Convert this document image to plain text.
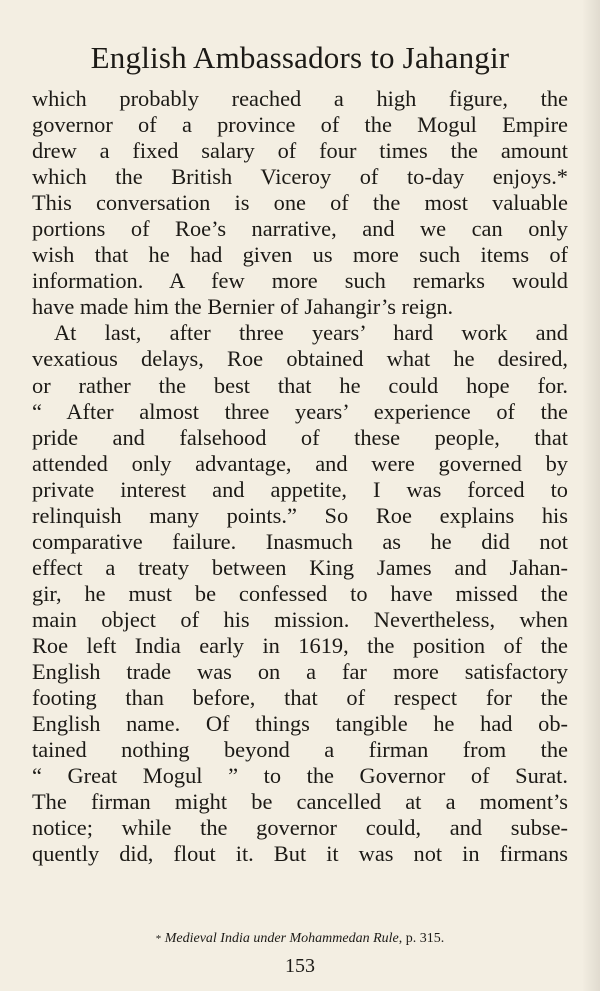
English Ambassadors to Jahangir
which probably reached a high figure, the
governor of a province of the Mogul Empire
drew a fixed salary of four times the amount
which the British Viceroy of to-day enjoys.*
This conversation is one of the most valuable
portions of Roe’s narrative, and we can only
wish that he had given us more such items of
information. A few more such remarks would
have made him the Bernier of Jahangir’s reign.
At last, after three years’ hard work and
vexatious delays, Roe obtained what he desired,
or rather the best that he could hope for.
“ After almost three years’ experience of the
pride and falsehood of these people, that
attended only advantage, and were governed by
private interest and appetite, I was forced to
relinquish many points.” So Roe explains his
comparative failure. Inasmuch as he did not
effect a treaty between King James and Jahan-
gir, he must be confessed to have missed the
main object of his mission. Nevertheless, when
Roe left India early in 1619, the position of the
English trade was on a far more satisfactory
footing than before, that of respect for the
English name. Of things tangible he had ob-
tained nothing beyond a firman from the
“ Great Mogul ” to the Governor of Surat.
The firman might be cancelled at a moment’s
notice; while the governor could, and subse-
quently did, flout it. But it was not in firmans
* Medieval India under Mohammedan Rule, p. 315.
153
